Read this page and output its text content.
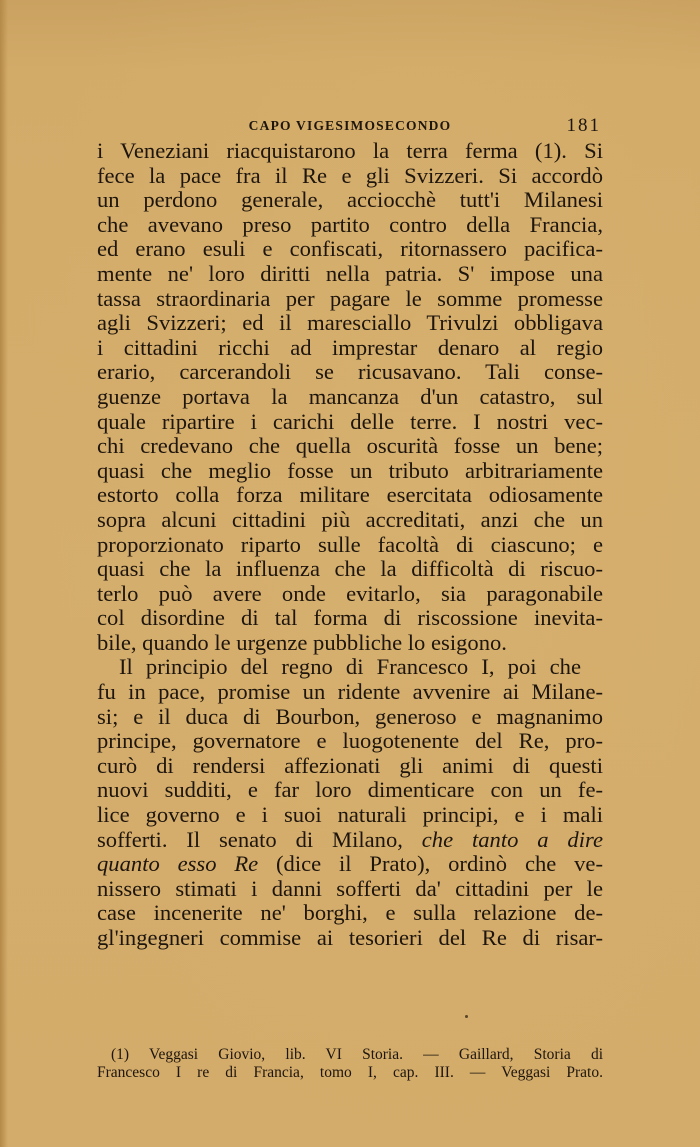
CAPO VIGESIMOSECONDO	181
i Veneziani riacquistarono la terra ferma (1). Si
fece la pace fra il Re e gli Svizzeri. Si accordò
un perdono generale, acciocchè tutt'i Milanesi
che avevano preso partito contro della Francia,
ed erano esuli e confiscati, ritornassero pacifica-
mente ne' loro diritti nella patria. S' impose una
tassa straordinaria per pagare le somme promesse
agli Svizzeri; ed il maresciallo Trivulzi obbligava
i cittadini ricchi ad imprestar denaro al regio
erario, carcerandoli se ricusavano. Tali conse-
guenze portava la mancanza d'un catastro, sul
quale ripartire i carichi delle terre. I nostri vec-
chi credevano che quella oscurità fosse un bene;
quasi che meglio fosse un tributo arbitrariamente
estorto colla forza militare esercitata odiosamente
sopra alcuni cittadini più accreditati, anzi che un
proporzionato riparto sulle facoltà di ciascuno; e
quasi che la influenza che la difficoltà di riscuo-
terlo può avere onde evitarlo, sia paragonabile
col disordine di tal forma di riscossione inevita-
bile, quando le urgenze pubbliche lo esigono.
Il principio del regno di Francesco I, poi che
fu in pace, promise un ridente avvenire ai Milane-
si; e il duca di Bourbon, generoso e magnanimo
principe, governatore e luogotenente del Re, pro-
curò di rendersi affezionati gli animi di questi
nuovi sudditi, e far loro dimenticare con un fe-
lice governo e i suoi naturali principi, e i mali
sofferti. Il senato di Milano, che tanto a dire
quanto esso Re (dice il Prato), ordinò che ve-
nissero stimati i danni sofferti da' cittadini per le
case incenerite ne' borghi, e sulla relazione de-
gl'ingegneri commise ai tesorieri del Re di risar-
(1) Veggasi Giovio, lib. VI Storia. — Gaillard, Storia di
Francesco I re di Francia, tomo I, cap. III. — Veggasi Prato.
